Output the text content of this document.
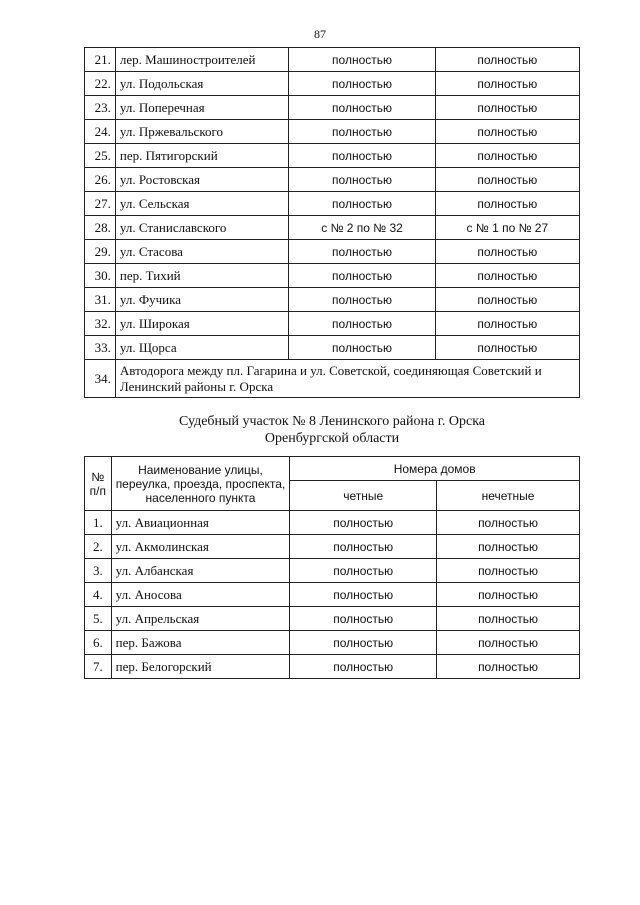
87
21.	лер. Машиностроителей	полностью	полностью
22.	ул. Подольская	полностью	полностью
23.	ул. Поперечная	полностью	полностью
24.	ул. Пржевальского	полностью	полностью
25.	пер. Пятигорский	полностью	полностью
26.	ул. Ростовская	полностью	полностью
27.	ул. Сельская	полностью	полностью
28.	ул. Станиславского	с № 2 по № 32	с № 1 по № 27
29.	ул. Стасова	полностью	полностью
30.	пер. Тихий	полностью	полностью
31.	ул. Фучика	полностью	полностью
32.	ул. Широкая	полностью	полностью
33.	ул. Щорса	полностью	полностью
34.	Автодорога между пл. Гагарина и ул. Советской, соединяющая Советский и Ленинский районы г. Орска		
Судебный участок № 8 Ленинского района г. Орска
Оренбургской области
№ п/п	Наименование улицы, переулка, проезда, проспекта, населенного пункта	Номера домов	
		четные	нечетные
1.	ул. Авиационная	полностью	полностью
2.	ул. Акмолинская	полностью	полностью
3.	ул. Албанская	полностью	полностью
4.	ул. Аносова	полностью	полностью
5.	ул. Апрельская	полностью	полностью
6.	пер. Бажова	полностью	полностью
7.	пер. Белогорский	полностью	полностью
